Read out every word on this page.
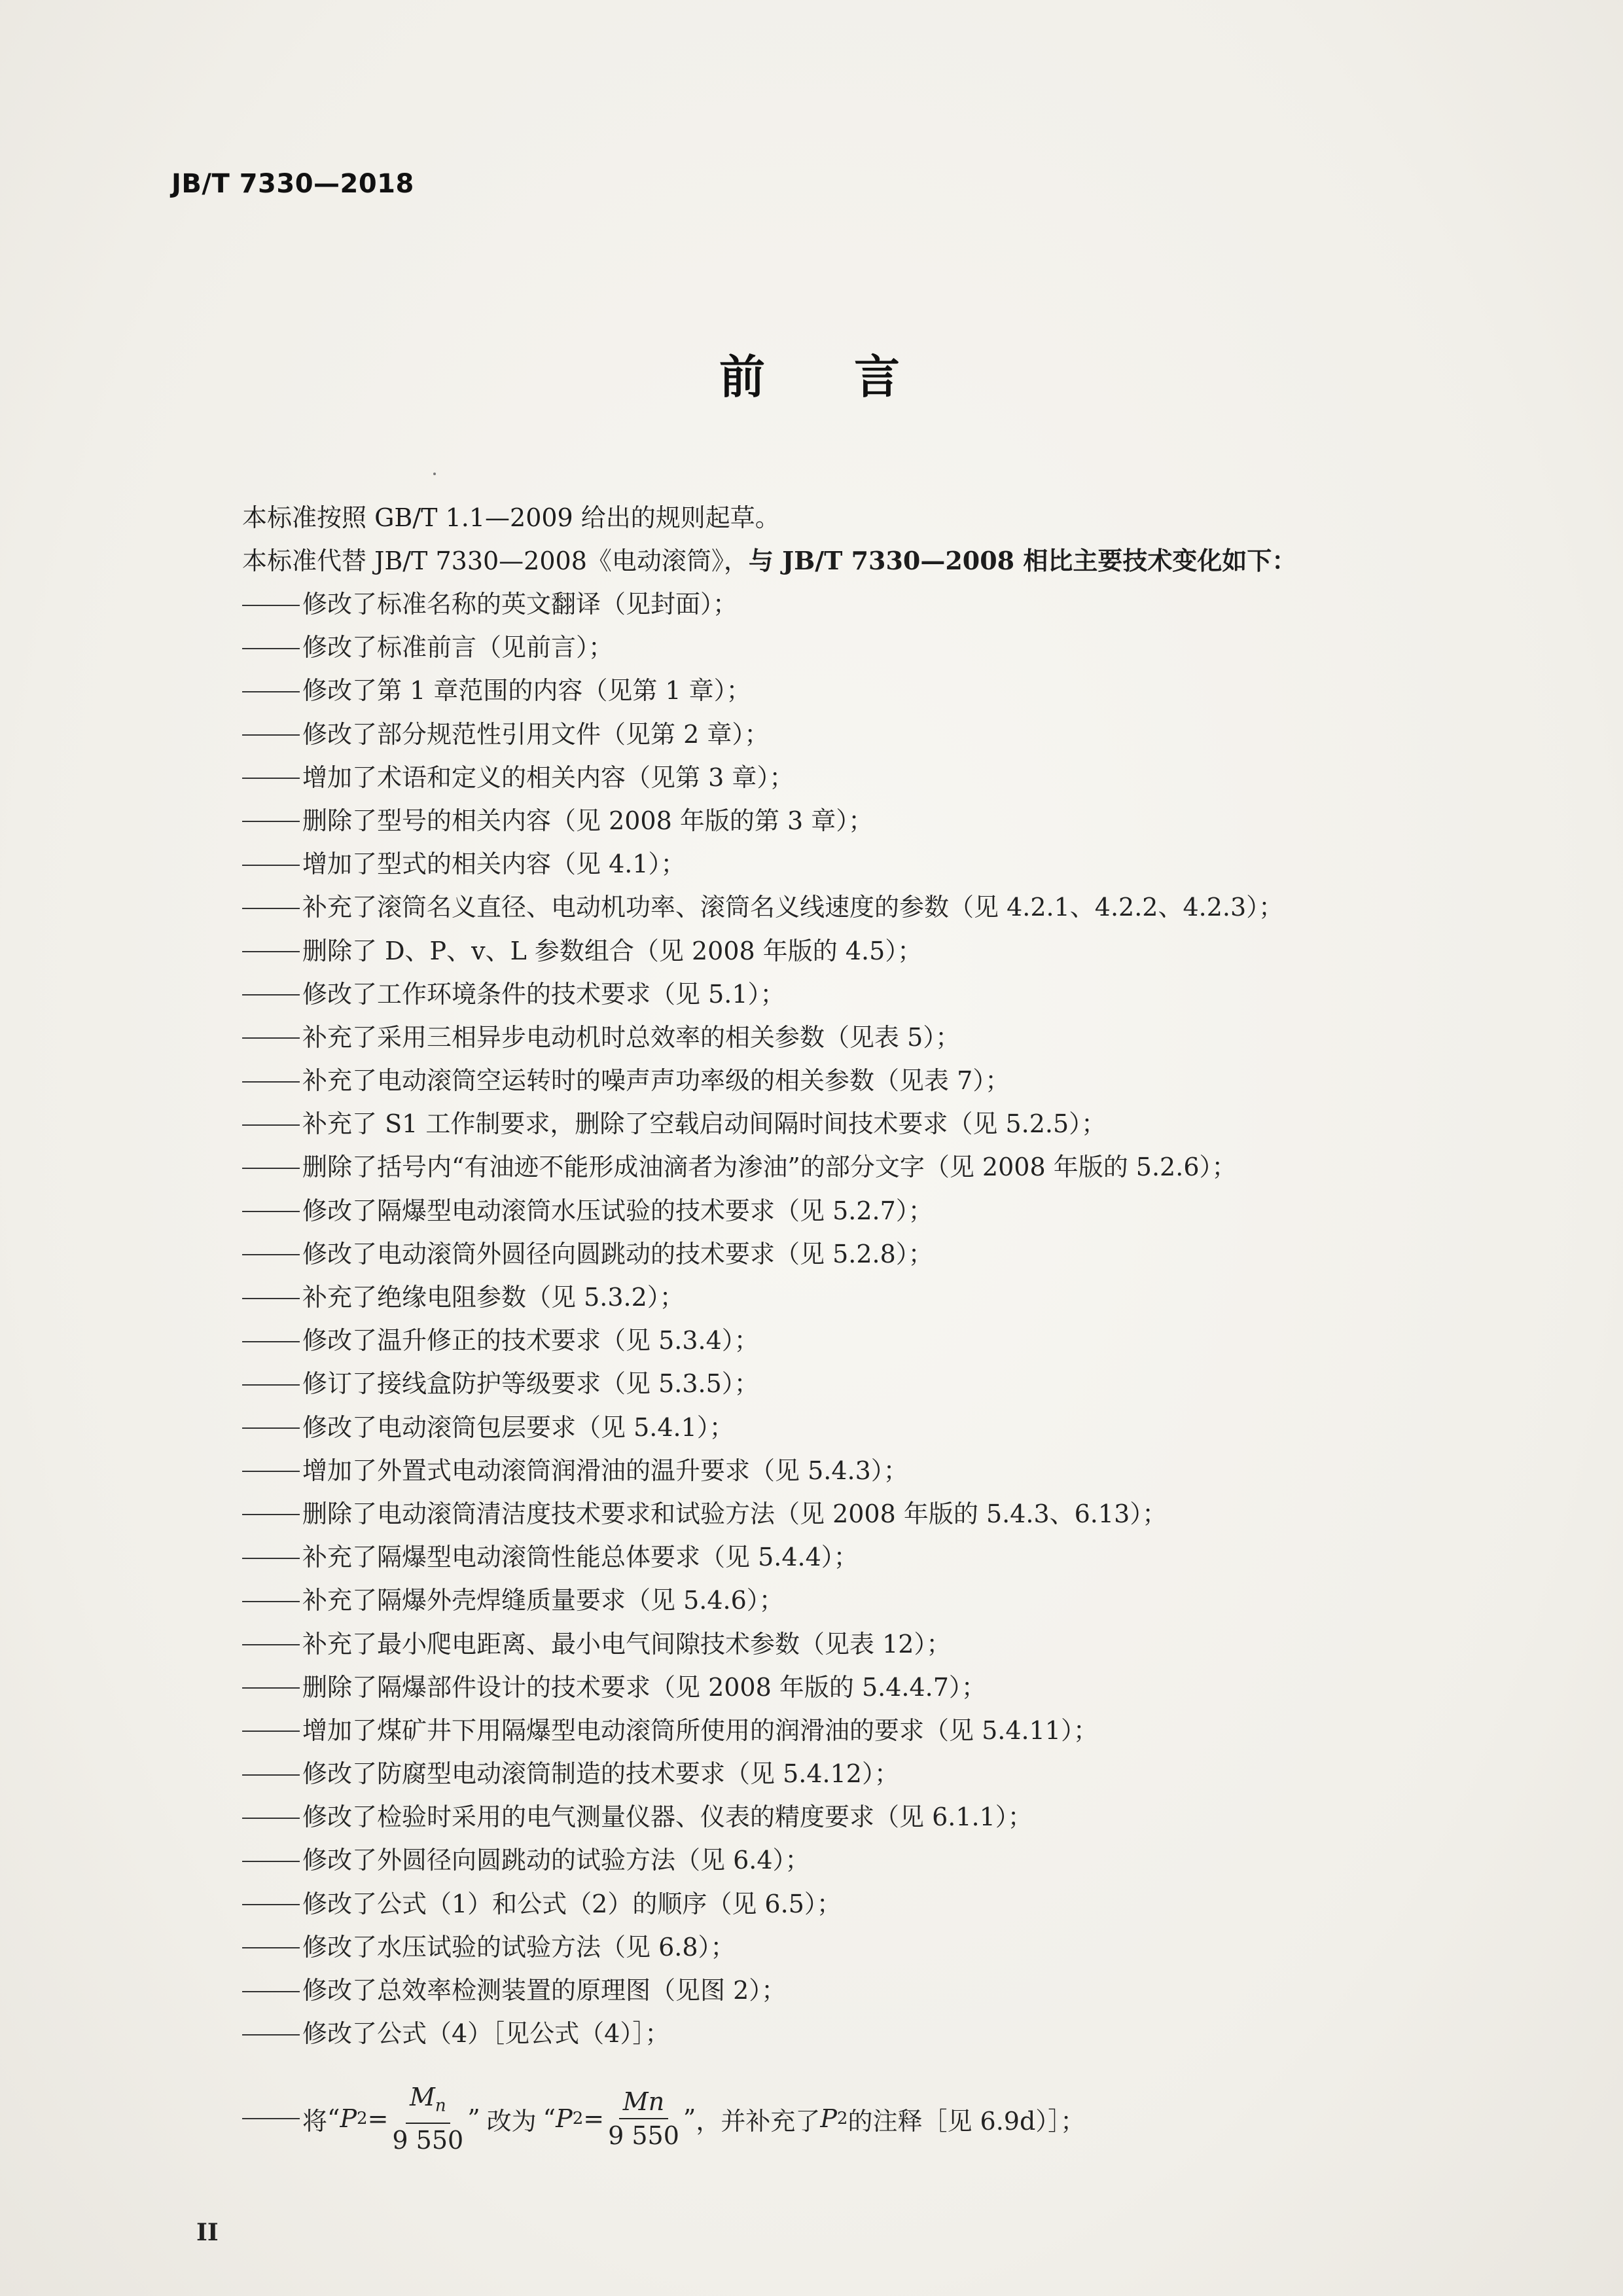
JB/T 7330—2018
前 言
本标准按照 GB/T 1.1—2009 给出的规则起草。
本标准代替 JB/T 7330—2008《电动滚筒》，与 JB/T 7330—2008 相比主要技术变化如下：
修改了标准名称的英文翻译（见封面）；
修改了标准前言（见前言）；
修改了第 1 章范围的内容（见第 1 章）；
修改了部分规范性引用文件（见第 2 章）；
增加了术语和定义的相关内容（见第 3 章）；
删除了型号的相关内容（见 2008 年版的第 3 章）；
增加了型式的相关内容（见 4.1）；
补充了滚筒名义直径、电动机功率、滚筒名义线速度的参数（见 4.2.1、4.2.2、4.2.3）；
删除了 D、P、v、L 参数组合（见 2008 年版的 4.5）；
修改了工作环境条件的技术要求（见 5.1）；
补充了采用三相异步电动机时总效率的相关参数（见表 5）；
补充了电动滚筒空运转时的噪声声功率级的相关参数（见表 7）；
补充了 S1 工作制要求，删除了空载启动间隔时间技术要求（见 5.2.5）；
删除了括号内“有油迹不能形成油滴者为渗油”的部分文字（见 2008 年版的 5.2.6）；
修改了隔爆型电动滚筒水压试验的技术要求（见 5.2.7）；
修改了电动滚筒外圆径向圆跳动的技术要求（见 5.2.8）；
补充了绝缘电阻参数（见 5.3.2）；
修改了温升修正的技术要求（见 5.3.4）；
修订了接线盒防护等级要求（见 5.3.5）；
修改了电动滚筒包层要求（见 5.4.1）；
增加了外置式电动滚筒润滑油的温升要求（见 5.4.3）；
删除了电动滚筒清洁度技术要求和试验方法（见 2008 年版的 5.4.3、6.13）；
补充了隔爆型电动滚筒性能总体要求（见 5.4.4）；
补充了隔爆外壳焊缝质量要求（见 5.4.6）；
补充了最小爬电距离、最小电气间隙技术参数（见表 12）；
删除了隔爆部件设计的技术要求（见 2008 年版的 5.4.4.7）；
增加了煤矿井下用隔爆型电动滚筒所使用的润滑油的要求（见 5.4.11）；
修改了防腐型电动滚筒制造的技术要求（见 5.4.12）；
修改了检验时采用的电气测量仪器、仪表的精度要求（见 6.1.1）；
修改了外圆径向圆跳动的试验方法（见 6.4）；
修改了公式（1）和公式（2）的顺序（见 6.5）；
修改了水压试验的试验方法（见 6.8）；
修改了总效率检测装置的原理图（见图 2）；
修改了公式（4）［见公式（4）］；
将 “ P $2 = \frac{M_n}{9 550}$ ” 改为 “ P $2 = \frac{Mn}{9 550}$ ” ，并补充了 P 2 的注释［见 6.9d）］；
II
